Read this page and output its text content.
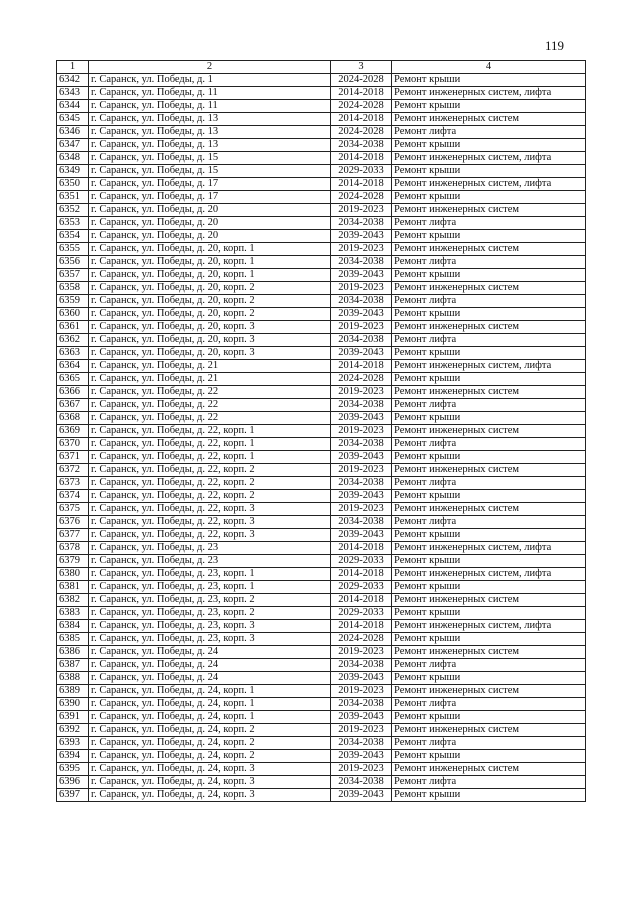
119
1	2	3	4
6342	г. Саранск, ул. Победы, д. 1	2024-2028	Ремонт крыши
6343	г. Саранск, ул. Победы, д. 11	2014-2018	Ремонт инженерных систем, лифта
6344	г. Саранск, ул. Победы, д. 11	2024-2028	Ремонт крыши
6345	г. Саранск, ул. Победы, д. 13	2014-2018	Ремонт инженерных систем
6346	г. Саранск, ул. Победы, д. 13	2024-2028	Ремонт лифта
6347	г. Саранск, ул. Победы, д. 13	2034-2038	Ремонт крыши
6348	г. Саранск, ул. Победы, д. 15	2014-2018	Ремонт инженерных систем, лифта
6349	г. Саранск, ул. Победы, д. 15	2029-2033	Ремонт крыши
6350	г. Саранск, ул. Победы, д. 17	2014-2018	Ремонт инженерных систем, лифта
6351	г. Саранск, ул. Победы, д. 17	2024-2028	Ремонт крыши
6352	г. Саранск, ул. Победы, д. 20	2019-2023	Ремонт инженерных систем
6353	г. Саранск, ул. Победы, д. 20	2034-2038	Ремонт лифта
6354	г. Саранск, ул. Победы, д. 20	2039-2043	Ремонт крыши
6355	г. Саранск, ул. Победы, д. 20, корп. 1	2019-2023	Ремонт инженерных систем
6356	г. Саранск, ул. Победы, д. 20, корп. 1	2034-2038	Ремонт лифта
6357	г. Саранск, ул. Победы, д. 20, корп. 1	2039-2043	Ремонт крыши
6358	г. Саранск, ул. Победы, д. 20, корп. 2	2019-2023	Ремонт инженерных систем
6359	г. Саранск, ул. Победы, д. 20, корп. 2	2034-2038	Ремонт лифта
6360	г. Саранск, ул. Победы, д. 20, корп. 2	2039-2043	Ремонт крыши
6361	г. Саранск, ул. Победы, д. 20, корп. 3	2019-2023	Ремонт инженерных систем
6362	г. Саранск, ул. Победы, д. 20, корп. 3	2034-2038	Ремонт лифта
6363	г. Саранск, ул. Победы, д. 20, корп. 3	2039-2043	Ремонт крыши
6364	г. Саранск, ул. Победы, д. 21	2014-2018	Ремонт инженерных систем, лифта
6365	г. Саранск, ул. Победы, д. 21	2024-2028	Ремонт крыши
6366	г. Саранск, ул. Победы, д. 22	2019-2023	Ремонт инженерных систем
6367	г. Саранск, ул. Победы, д. 22	2034-2038	Ремонт лифта
6368	г. Саранск, ул. Победы, д. 22	2039-2043	Ремонт крыши
6369	г. Саранск, ул. Победы, д. 22, корп. 1	2019-2023	Ремонт инженерных систем
6370	г. Саранск, ул. Победы, д. 22, корп. 1	2034-2038	Ремонт лифта
6371	г. Саранск, ул. Победы, д. 22, корп. 1	2039-2043	Ремонт крыши
6372	г. Саранск, ул. Победы, д. 22, корп. 2	2019-2023	Ремонт инженерных систем
6373	г. Саранск, ул. Победы, д. 22, корп. 2	2034-2038	Ремонт лифта
6374	г. Саранск, ул. Победы, д. 22, корп. 2	2039-2043	Ремонт крыши
6375	г. Саранск, ул. Победы, д. 22, корп. 3	2019-2023	Ремонт инженерных систем
6376	г. Саранск, ул. Победы, д. 22, корп. 3	2034-2038	Ремонт лифта
6377	г. Саранск, ул. Победы, д. 22, корп. 3	2039-2043	Ремонт крыши
6378	г. Саранск, ул. Победы, д. 23	2014-2018	Ремонт инженерных систем, лифта
6379	г. Саранск, ул. Победы, д. 23	2029-2033	Ремонт крыши
6380	г. Саранск, ул. Победы, д. 23, корп. 1	2014-2018	Ремонт инженерных систем, лифта
6381	г. Саранск, ул. Победы, д. 23, корп. 1	2029-2033	Ремонт крыши
6382	г. Саранск, ул. Победы, д. 23, корп. 2	2014-2018	Ремонт инженерных систем
6383	г. Саранск, ул. Победы, д. 23, корп. 2	2029-2033	Ремонт крыши
6384	г. Саранск, ул. Победы, д. 23, корп. 3	2014-2018	Ремонт инженерных систем, лифта
6385	г. Саранск, ул. Победы, д. 23, корп. 3	2024-2028	Ремонт крыши
6386	г. Саранск, ул. Победы, д. 24	2019-2023	Ремонт инженерных систем
6387	г. Саранск, ул. Победы, д. 24	2034-2038	Ремонт лифта
6388	г. Саранск, ул. Победы, д. 24	2039-2043	Ремонт крыши
6389	г. Саранск, ул. Победы, д. 24, корп. 1	2019-2023	Ремонт инженерных систем
6390	г. Саранск, ул. Победы, д. 24, корп. 1	2034-2038	Ремонт лифта
6391	г. Саранск, ул. Победы, д. 24, корп. 1	2039-2043	Ремонт крыши
6392	г. Саранск, ул. Победы, д. 24, корп. 2	2019-2023	Ремонт инженерных систем
6393	г. Саранск, ул. Победы, д. 24, корп. 2	2034-2038	Ремонт лифта
6394	г. Саранск, ул. Победы, д. 24, корп. 2	2039-2043	Ремонт крыши
6395	г. Саранск, ул. Победы, д. 24, корп. 3	2019-2023	Ремонт инженерных систем
6396	г. Саранск, ул. Победы, д. 24, корп. 3	2034-2038	Ремонт лифта
6397	г. Саранск, ул. Победы, д. 24, корп. 3	2039-2043	Ремонт крыши
